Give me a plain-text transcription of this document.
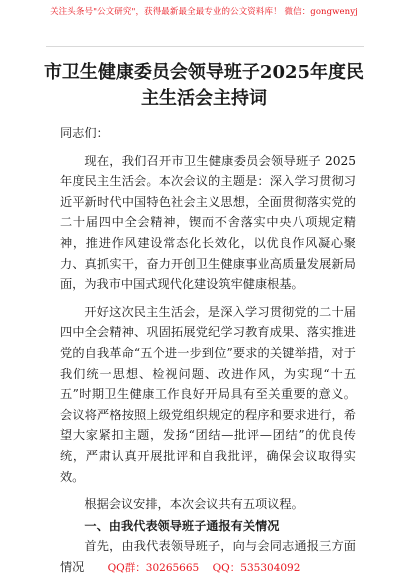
关注头条号"公文研究"，获得最新最全最专业的公文资料库！ 微信：gongwenyj
市卫生健康委员会领导班子2025年度民
主生活会主持词

同志们：

现在，我们召开市卫生健康委员会领导班子 2025年度民主生活会。本次会议的主题是：深入学习贯彻习近平新时代中国特色社会主义思想，全面贯彻落实党的二十届四中全会精神，锲而不舍落实中央八项规定精神，推进作风建设常态化长效化，以优良作风凝心聚力、真抓实干，奋力开创卫生健康事业高质量发展新局面，为我市中国式现代化建设筑牢健康根基。

开好这次民主生活会，是深入学习贯彻党的二十届四中全会精神、巩固拓展党纪学习教育成果、落实推进党的自我革命“五个进一步到位”要求的关键举措，对于我们统一思想、检视问题、改进作风，为实现“十五五”时期卫生健康工作良好开局具有至关重要的意义。会议将严格按照上级党组织规定的程序和要求进行，希望大家紧扣主题，发扬“团结—批评—团结”的优良传统，严肃认真开展批评和自我批评，确保会议取得实效。

根据会议安排，本次会议共有五项议程。

一、由我代表领导班子通报有关情况

首先，由我代表领导班子，向与会同志通报三方面情况	QQ群：30265665 QQ：535304092
